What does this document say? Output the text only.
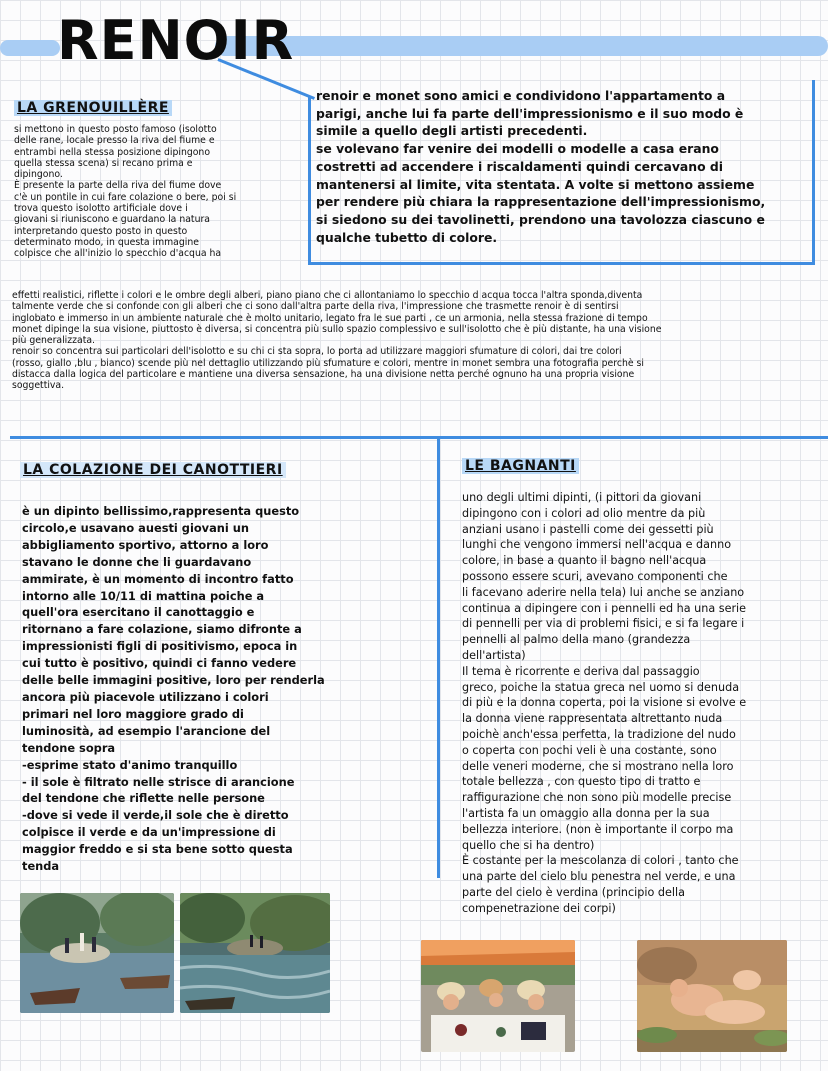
RENOIR
renoir e monet sono amici e condividono l'appartamento a
parigi, anche lui fa parte dell'impressionismo e il suo modo è
simile a quello degli artisti precedenti.
se volevano far venire dei modelli o modelle a casa erano
costretti ad accendere i riscaldamenti quindi cercavano di
mantenersi al limite, vita stentata. A volte si mettono assieme
per rendere più chiara la rappresentazione dell'impressionismo,
si siedono su dei tavolinetti, prendono una tavolozza ciascuno e
qualche tubetto di colore.
LA GRENOUILLÈRE
si mettono in questo posto famoso (isolotto
delle rane, locale presso la riva del fiume e
entrambi nella stessa posizione dipingono
quella stessa scena) si recano prima e
dipingono.
È presente la parte della riva del fiume dove
c'è un pontile in cui fare colazione o bere, poi si
trova questo isolotto artificiale dove i
giovani si riuniscono e guardano la natura
interpretando questo posto in questo
determinato modo, in questa immagine
colpisce che all'inizio lo specchio d'acqua ha
effetti realistici, riflette i colori e le ombre degli alberi, piano piano che ci allontaniamo lo specchio d acqua tocca l'altra sponda,diventa
talmente verde che si confonde con gli alberi che ci sono dall'altra parte della riva, l'impressione che trasmette renoir è di sentirsi
inglobato e immerso in un ambiente naturale che è molto unitario, legato fra le sue parti , ce un armonia, nella stessa frazione di tempo
monet dipinge la sua visione, piuttosto è diversa, si concentra più sullo spazio complessivo e sull'isolotto che è più distante, ha una visione
più generalizzata.
renoir so concentra sui particolari dell'isolotto e su chi ci sta sopra, lo porta ad utilizzare maggiori sfumature di colori, dai tre colori
(rosso, giallo ,blu , bianco) scende più nel dettaglio utilizzando più sfumature e colori, mentre in monet sembra una fotografia perchè si
distacca dalla logica del particolare e mantiene una diversa sensazione, ha una divisione netta perché ognuno ha una propria visione
soggettiva.
LA COLAZIONE DEI CANOTTIERI
è un dipinto bellissimo,rappresenta questo
circolo,e usavano auesti giovani un
abbigliamento sportivo, attorno a loro
stavano le donne che li guardavano
ammirate, è un momento di incontro fatto
intorno alle 10/11 di mattina poiche a
quell'ora esercitano il canottaggio e
ritornano a fare colazione, siamo difronte a
impressionisti figli di positivismo, epoca in
cui tutto è positivo, quindi ci fanno vedere
delle belle immagini positive, loro per renderla
ancora più piacevole utilizzano i colori
primari nel loro maggiore grado di
luminosità, ad esempio l'arancione del
tendone sopra
-esprime stato d'animo tranquillo
- il sole è filtrato nelle strisce di arancione
del tendone che riflette nelle persone
-dove si vede il verde,il sole che è diretto
colpisce il verde e da un'impressione di
maggior freddo e si sta bene sotto questa
tenda
LE BAGNANTI
uno degli ultimi dipinti, (i pittori da giovani
dipingono con i colori ad olio mentre da più
anziani usano i pastelli come dei gessetti più
lunghi che vengono immersi nell'acqua e danno
colore, in base a quanto il bagno nell'acqua
possono essere scuri, avevano componenti che
li facevano aderire nella tela) lui anche se anziano
continua a dipingere con i pennelli ed ha una serie
di pennelli per via di problemi fisici, e si fa legare i
pennelli al palmo della mano (grandezza
dell'artista)
Il tema è ricorrente e deriva dal passaggio
greco, poiche la statua greca nel uomo si denuda
di più e la donna coperta, poi la visione si evolve e
la donna viene rappresentata altrettanto nuda
poichè anch'essa perfetta, la tradizione del nudo
o coperta con pochi veli è una costante, sono
delle veneri moderne, che si mostrano nella loro
totale bellezza , con questo tipo di tratto e
raffigurazione che non sono più modelle precise
l'artista fa un omaggio alla donna per la sua
bellezza interiore. (non è importante il corpo ma
quello che si ha dentro)
È costante per la mescolanza di colori , tanto che
una parte del cielo blu penestra nel verde, e una
parte del cielo è verdina (principio della
compenetrazione dei corpi)
